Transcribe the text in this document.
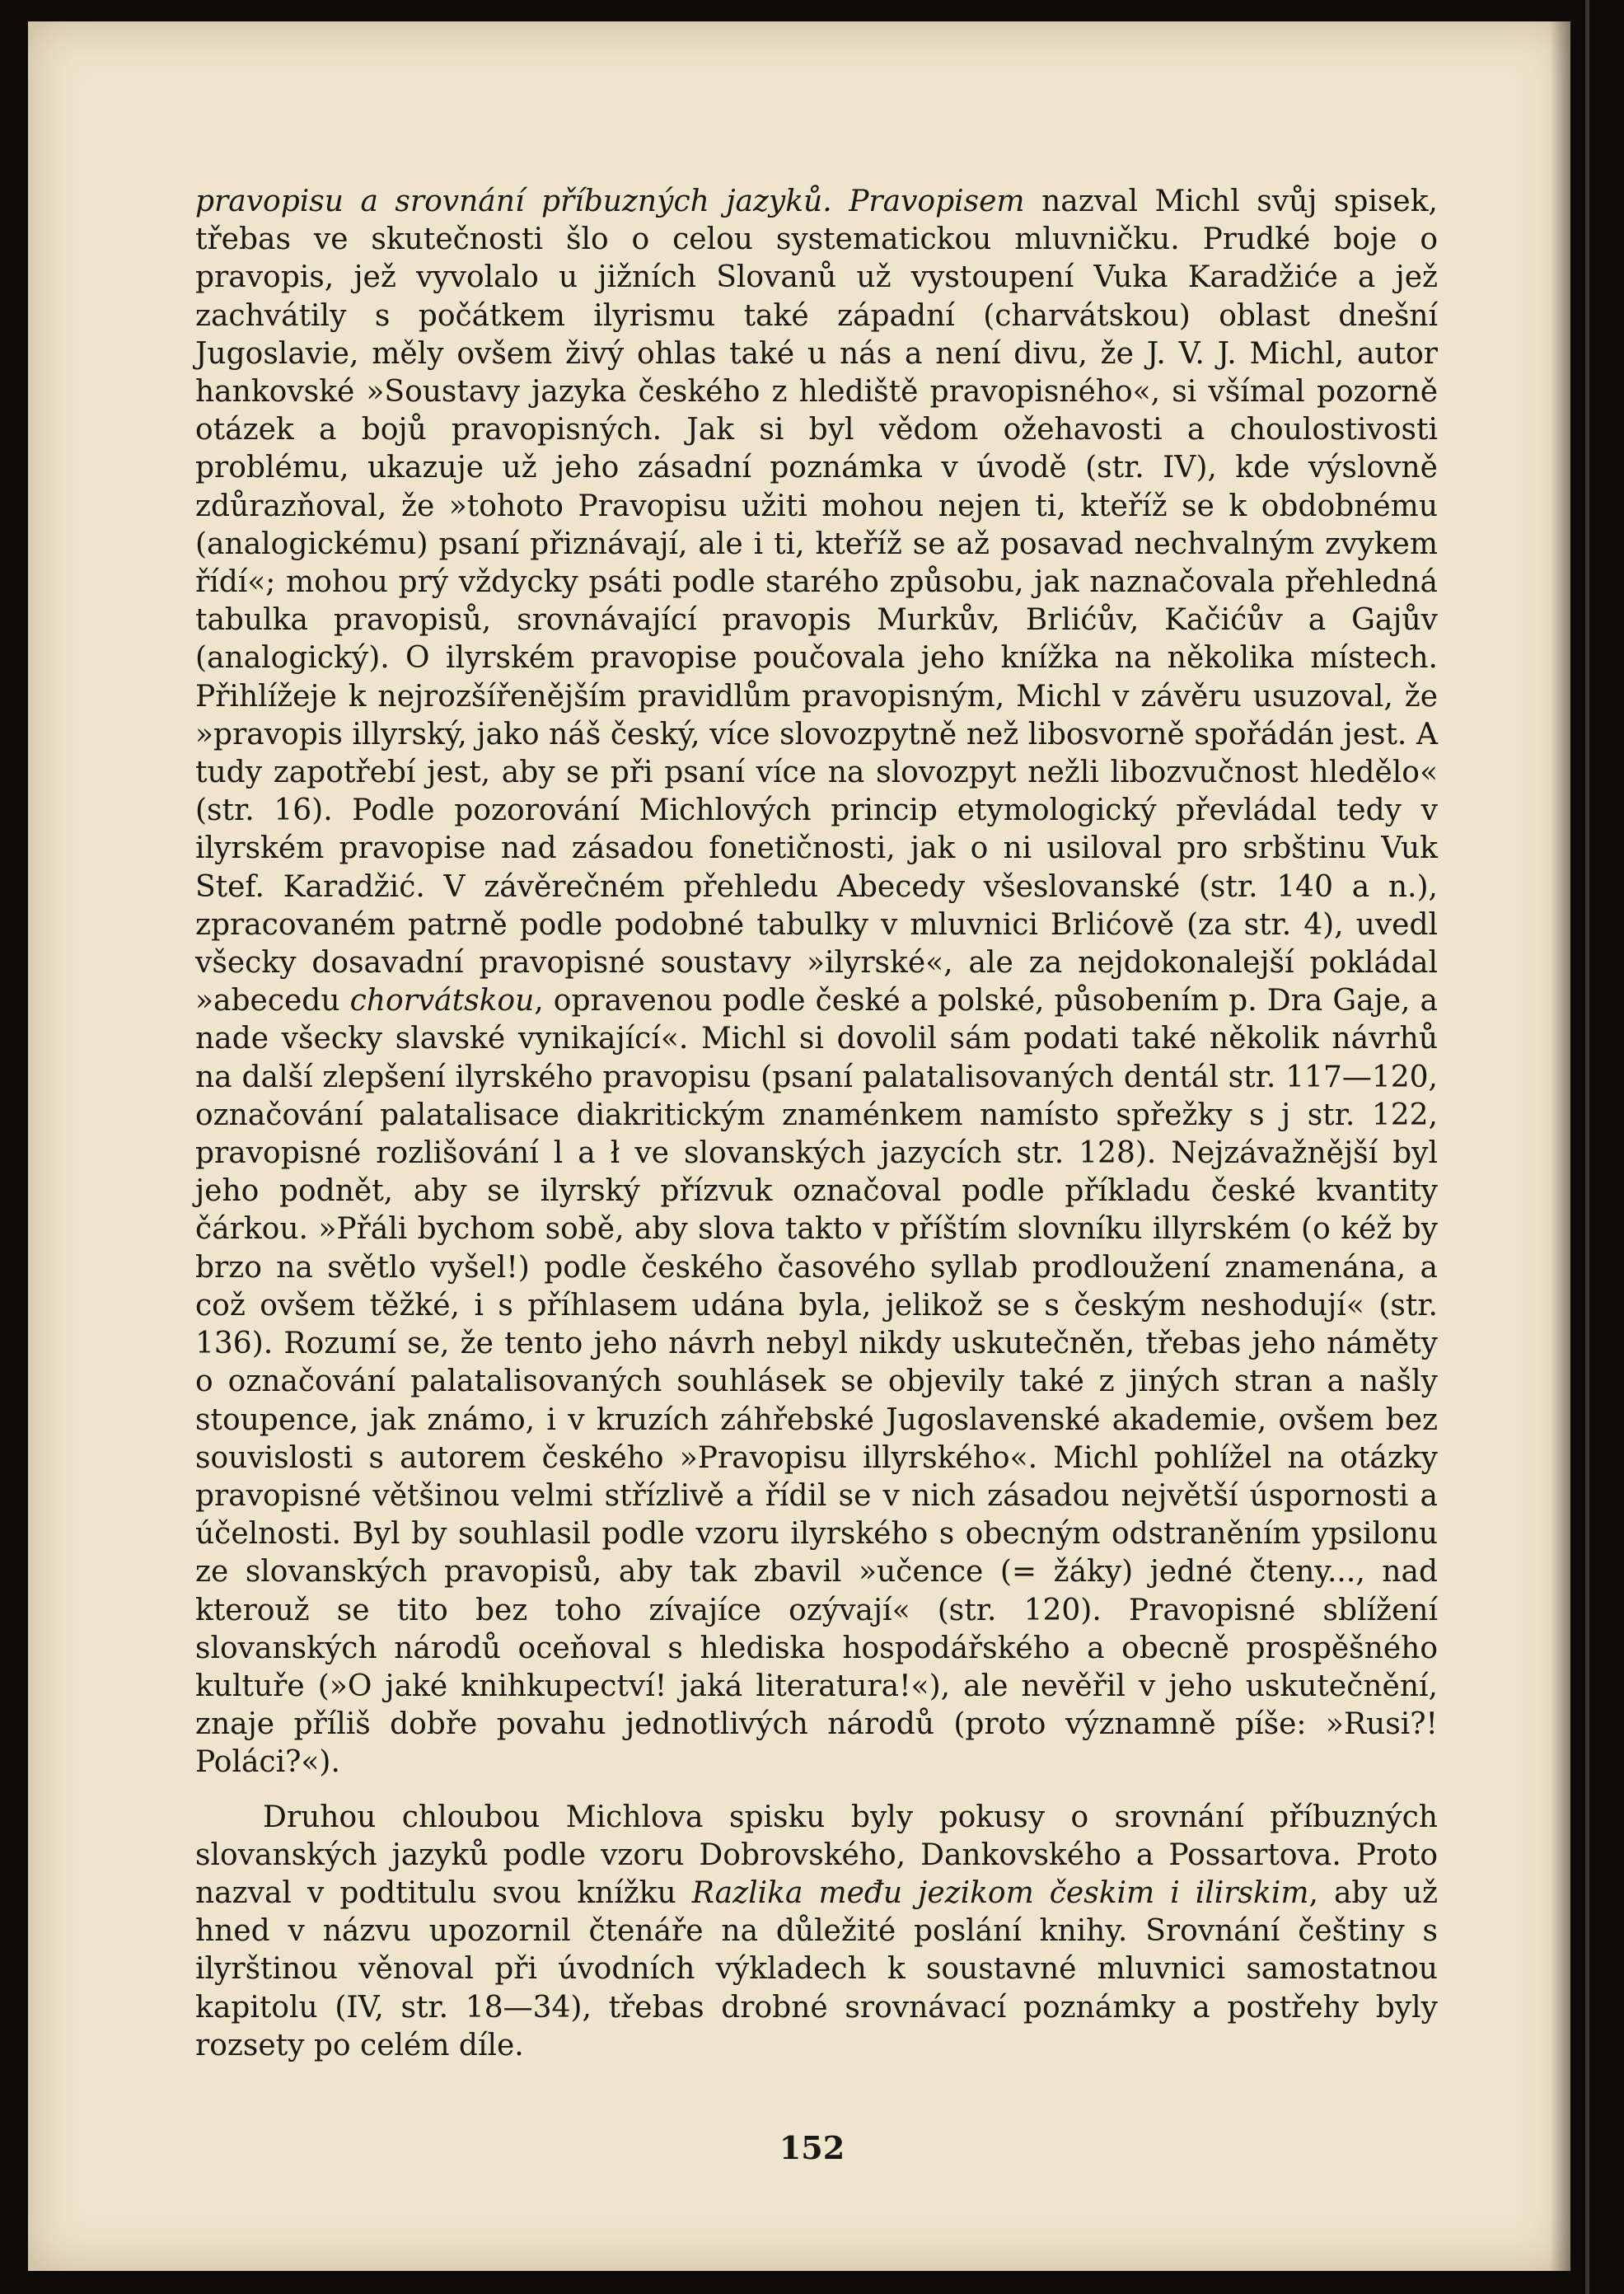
pravopisu a srovnání příbuzných jazyků. Pravopisem nazval Michl svůj spisek, třebas ve skutečnosti šlo o celou systematickou mluvničku. Prudké boje o pravopis, jež vyvolalo u jižních Slovanů už vystoupení Vuka Karadžiće a jež zachvátily s počátkem ilyrismu také západní (charvátskou) oblast dnešní Jugoslavie, měly ovšem živý ohlas také u nás a není divu, že J. V. J. Michl, autor hankovské »Soustavy jazyka českého z hlediště pravopisného«, si všímal pozorně otázek a bojů pravopisných. Jak si byl vědom ožehavosti a choulostivosti problému, ukazuje už jeho zásadní poznámka v úvodě (str. IV), kde výslovně zdůrazňoval, že »tohoto Pravopisu užiti mohou nejen ti, kteříž se k obdobnému (analogickému) psaní přiznávají, ale i ti, kteříž se až posavad nechvalným zvykem řídí«; mohou prý vždycky psáti podle starého způsobu, jak naznačovala přehledná tabulka pravopisů, srovnávající pravopis Murkův, Brlićův, Kačićův a Gajův (analogický). O ilyrském pravopise poučovala jeho knížka na několika místech. Přihlížeje k nejrozšířenějším pravidlům pravopisným, Michl v závěru usuzoval, že »pravopis illyrský, jako náš český, více slovozpytně než libosvorně spořádán jest. A tudy zapotřebí jest, aby se při psaní více na slovozpyt nežli libozvučnost hledělo« (str. 16). Podle pozorování Michlových princip etymologický převládal tedy v ilyrském pravopise nad zásadou fonetičnosti, jak o ni usiloval pro srbštinu Vuk Stef. Karadžić. V závěrečném přehledu Abecedy všeslovanské (str. 140 a n.), zpracovaném patrně podle podobné tabulky v mluvnici Brlićově (za str. 4), uvedl všecky dosavadní pravopisné soustavy »ilyrské«, ale za nejdokonalejší pokládal »abecedu chorvátskou, opravenou podle české a polské, působením p. Dra Gaje, a nade všecky slavské vynikající«. Michl si dovolil sám podati také několik návrhů na další zlepšení ilyrského pravopisu (psaní palatalisovaných dentál str. 117—120, označování palatalisace diakritickým znaménkem namísto spřežky s j str. 122, pravopisné rozlišování l a ł ve slovanských jazycích str. 128). Nejzávažnější byl jeho podnět, aby se ilyrský přízvuk označoval podle příkladu české kvantity čárkou. »Přáli bychom sobě, aby slova takto v příštím slovníku illyrském (o kéž by brzo na světlo vyšel!) podle českého časového syllab prodloužení znamenána, a což ovšem těžké, i s příhlasem udána byla, jelikož se s českým neshodují« (str. 136). Rozumí se, že tento jeho návrh nebyl nikdy uskutečněn, třebas jeho náměty o označování palatalisovaných souhlásek se objevily také z jiných stran a našly stoupence, jak známo, i v kruzích záhřebské Jugoslavenské akademie, ovšem bez souvislosti s autorem českého »Pravopisu illyrského«. Michl pohlížel na otázky pravopisné většinou velmi střízlivě a řídil se v nich zásadou největší úspornosti a účelnosti. Byl by souhlasil podle vzoru ilyrského s obecným odstraněním ypsilonu ze slovanských pravopisů, aby tak zbavil »učence (= žáky) jedné čteny..., nad kterouž se tito bez toho zívajíce ozývají« (str. 120). Pravopisné sblížení slovanských národů oceňoval s hlediska hospodářského a obecně prospěšného kultuře (»O jaké knihkupectví! jaká literatura!«), ale nevěřil v jeho uskutečnění, znaje příliš dobře povahu jednotlivých národů (proto významně píše: »Rusi?! Poláci?«).

Druhou chloubou Michlova spisku byly pokusy o srovnání příbuzných slovanských jazyků podle vzoru Dobrovského, Dankovského a Possartova. Proto nazval v podtitulu svou knížku Razlika među jezikom českim i ilirskim, aby už hned v názvu upozornil čtenáře na důležité poslání knihy. Srovnání češtiny s ilyrštinou věnoval při úvodních výkladech k soustavné mluvnici samostatnou kapitolu (IV, str. 18—34), třebas drobné srovnávací poznámky a postřehy byly rozsety po celém díle.

152
